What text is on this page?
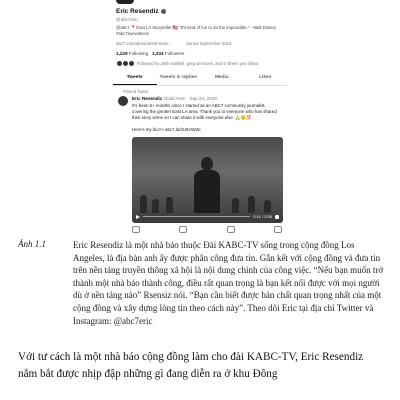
Eric Resendiz
@abc7eric
@abc7 📍East LA Storyteller 🇺🇸 "It's kind of fun to do the impossible." - Walt Disney #abc7eyewitness
abc7.com/about/meet-team...	Joined September 2014
1,229 Following 1,234 Followers
Followed by Josh Haskell, greg simmons, and 5 others you follow
Tweets	Tweets & replies	Media	Likes
Pinned Tweet
Eric Resendiz @abc7eric · Sep 24, 2019
It's been 6+ months since I started as an ABC7 community journalist, covering the greater East LA area. Thank you to everyone who has shared their story w/me so I can share it with everyone else. 🙏😊💯
Here's my bio>> abc7.la/2U5HW3e
0:11 / 3:39
Ảnh 1.1	Eric Resendiz là một nhà báo thuộc Đài KABC-TV sống trong cộng đồng Los Angeles, là địa bàn anh ấy được phân công đưa tin. Gắn kết với cộng đồng và đưa tin trên nền tảng truyền thông xã hội là nội dung chính của công việc. “Nếu bạn muốn trở thành một nhà báo thành công, điều rất quan trọng là bạn kết nối được với mọi người dù ở nền tảng nào” Rsensiz nói. “Bạn cần biết được bản chất quan trọng nhất của một cộng đồng và xây dựng lòng tin theo cách này”. Theo dõi Eric tại địa chỉ Twitter và Instagram: @abc7eric
Với tư cách là một nhà báo cộng đồng làm cho đài KABC-TV, Eric Resendiz nắm bắt được nhịp đập những gì đang diễn ra ở khu Đông
